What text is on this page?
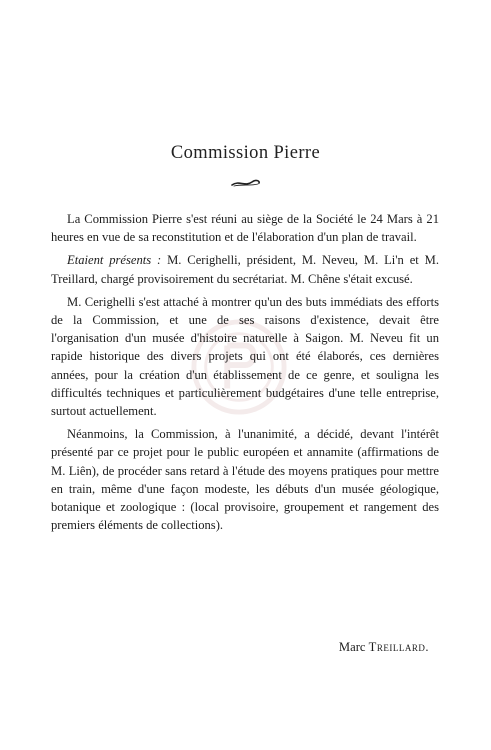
Commission Pierre

La Commission Pierre s'est réuni au siège de la Société le 24 Mars à 21 heures en vue de sa reconstitution et de l'élaboration d'un plan de travail.

Etaient présents : M. Cerighelli, président, M. Neveu, M. Li'n et M. Treillard, chargé provisoirement du secrétariat. M. Chêne s'était excusé.

M. Cerighelli s'est attaché à montrer qu'un des buts immédiats des efforts de la Commission, et une de ses raisons d'existence, devait être l'organisation d'un musée d'histoire naturelle à Saigon. M. Neveu fit un rapide historique des divers projets qui ont été élaborés, ces dernières années, pour la création d'un établissement de ce genre, et souligna les difficultés techniques et particulièrement budgétaires d'une telle entreprise, surtout actuellement.

Néanmoins, la Commission, à l'unanimité, a décidé, devant l'intérêt présenté par ce projet pour le public européen et annamite (affirmations de M. Liên), de procéder sans retard à l'étude des moyens pratiques pour mettre en train, même d'une façon modeste, les débuts d'un musée géologique, botanique et zoologique : (local provisoire, groupement et rangement des premiers éléments de collections).

Marc Treillard.
